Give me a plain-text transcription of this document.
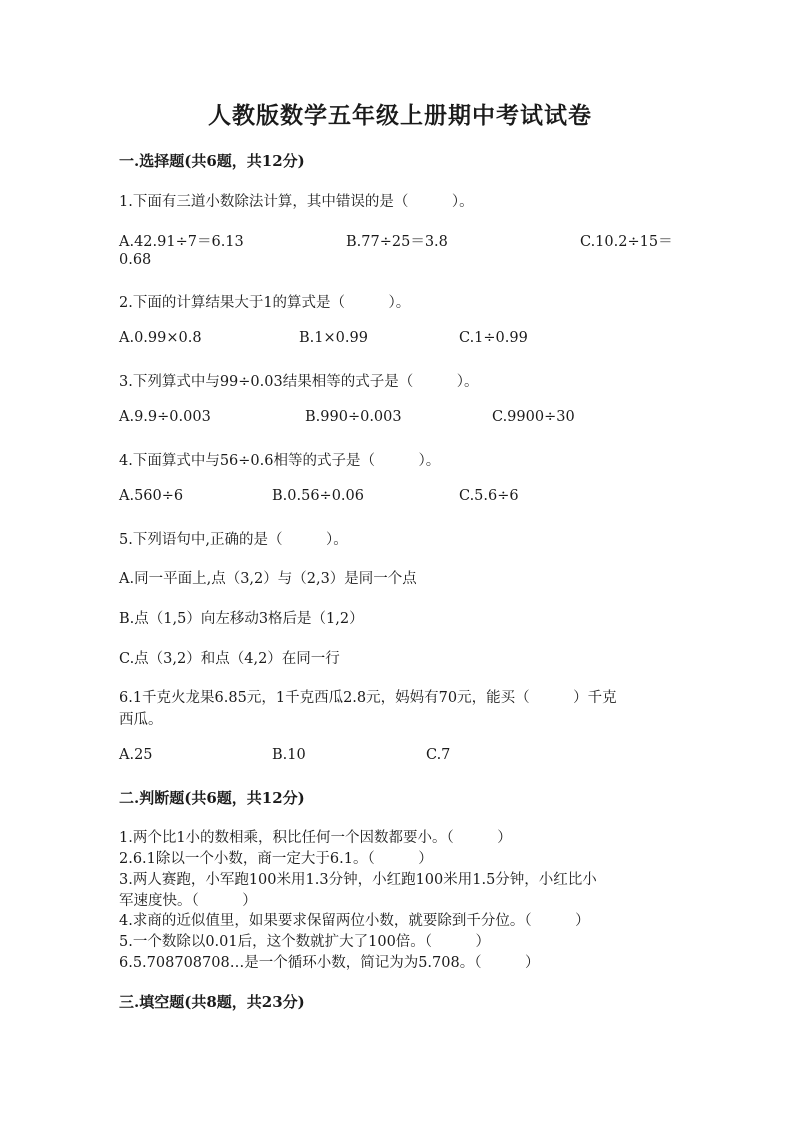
人教版数学五年级上册期中考试试卷
一.选择题(共6题，共12分)
1.下面有三道小数除法计算，其中错误的是（　　　）。
A.42.91÷7＝6.13	B.77÷25＝3.8	C.10.2÷15＝
0.68
2.下面的计算结果大于1的算式是（　　　）。
A.0.99×0.8	B.1×0.99	C.1÷0.99
3.下列算式中与99÷0.03结果相等的式子是（　　　）。
A.9.9÷0.003	B.990÷0.003	C.9900÷30
4.下面算式中与56÷0.6相等的式子是（　　　）。
A.560÷6	B.0.56÷0.06	C.5.6÷6
5.下列语句中,正确的是（　　　）。
A.同一平面上,点（3,2）与（2,3）是同一个点
B.点（1,5）向左移动3格后是（1,2）
C.点（3,2）和点（4,2）在同一行
6.1千克火龙果6.85元，1千克西瓜2.8元，妈妈有70元，能买（　　　）千克
西瓜。
A.25	B.10	C.7
二.判断题(共6题，共12分)
1.两个比1小的数相乘，积比任何一个因数都要小。（　　　）
2.6.1除以一个小数，商一定大于6.1。（　　　）
3.两人赛跑，小军跑100米用1.3分钟，小红跑100米用1.5分钟，小红比小
军速度快。（　　　）
4.求商的近似值里，如果要求保留两位小数，就要除到千分位。（　　　）
5.一个数除以0.01后，这个数就扩大了100倍。（　　　）
6.5.708708708…是一个循环小数，简记为为5.708。（　　　）
三.填空题(共8题，共23分)
